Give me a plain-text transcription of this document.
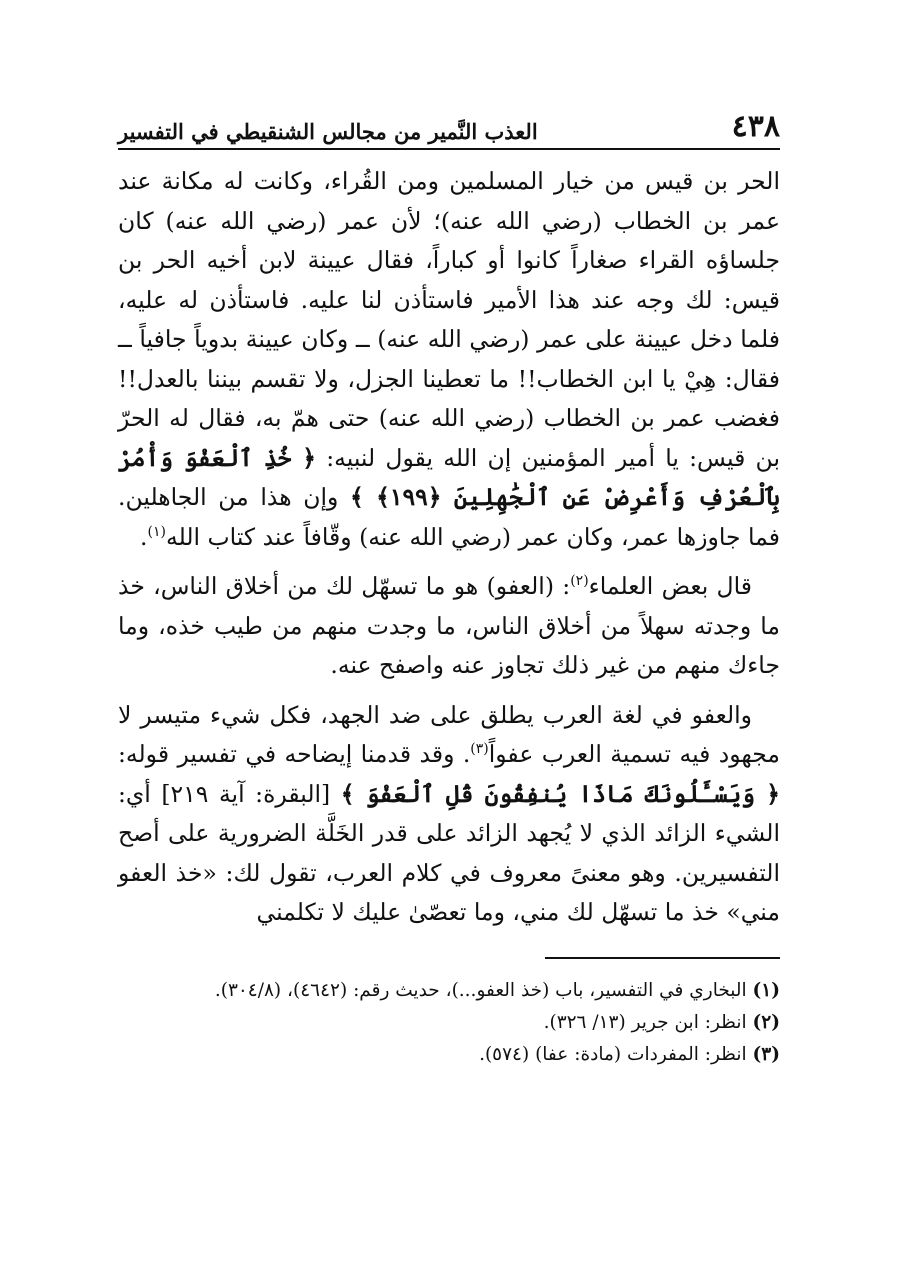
٤٣٨
العذب النَّمير من مجالس الشنقيطي في التفسير

الحر بن قيس من خيار المسلمين ومن القُراء، وكانت له مكانة عند عمر بن الخطاب (رضي الله عنه)؛ لأن عمر (رضي الله عنه) كان جلساؤه القراء صغاراً كانوا أو كباراً، فقال عيينة لابن أخيه الحر بن قيس: لك وجه عند هذا الأمير فاستأذن لنا عليه. فاستأذن له عليه، فلما دخل عيينة على عمر (رضي الله عنه) ــ وكان عيينة بدوياً جافياً ــ فقال: هِيْ يا ابن الخطاب!! ما تعطينا الجزل، ولا تقسم بيننا بالعدل!! فغضب عمر بن الخطاب (رضي الله عنه) حتى همّ به، فقال له الحرّ بن قيس: يا أمير المؤمنين إن الله يقول لنبيه: ﴿ خُذِ ٱلْعَفْوَ وَأْمُرْ بِٱلْعُرْفِ وَأَعْرِضْ عَنِ ٱلْجَٰهِلِينَ ﴿١٩٩﴾ ﴾ وإن هذا من الجاهلين. فما جاوزها عمر، وكان عمر (رضي الله عنه) وقّافاً عند كتاب الله$^{(١)}$.

قال بعض العلماء$^{(٢)}$: (العفو) هو ما تسهّل لك من أخلاق الناس، خذ ما وجدته سهلاً من أخلاق الناس، ما وجدت منهم من طيب خذه، وما جاءك منهم من غير ذلك تجاوز عنه واصفح عنه.

والعفو في لغة العرب يطلق على ضد الجهد، فكل شيء متيسر لا مجهود فيه تسمية العرب عفواً$^{(٣)}$. وقد قدمنا إيضاحه في تفسير قوله: ﴿ وَيَسْـَٔلُونَكَ مَاذَا يُنفِقُونَ قُلِ ٱلْعَفْوَ ﴾ [البقرة: آية ٢١٩] أي: الشيء الزائد الذي لا يُجهد الزائد على قدر الخَلَّة الضرورية على أصح التفسيرين. وهو معنىً معروف في كلام العرب، تقول لك: «خذ العفو مني» خذ ما تسهّل لك مني، وما تعصّىٰ عليك لا تكلمني

(١) البخاري في التفسير، باب (خذ العفو...)، حديث رقم: (٤٦٤٢)، (٣٠٤/٨).

(٢) انظر: ابن جرير (١٣/ ٣٢٦).

(٣) انظر: المفردات (مادة: عفا) (٥٧٤).
